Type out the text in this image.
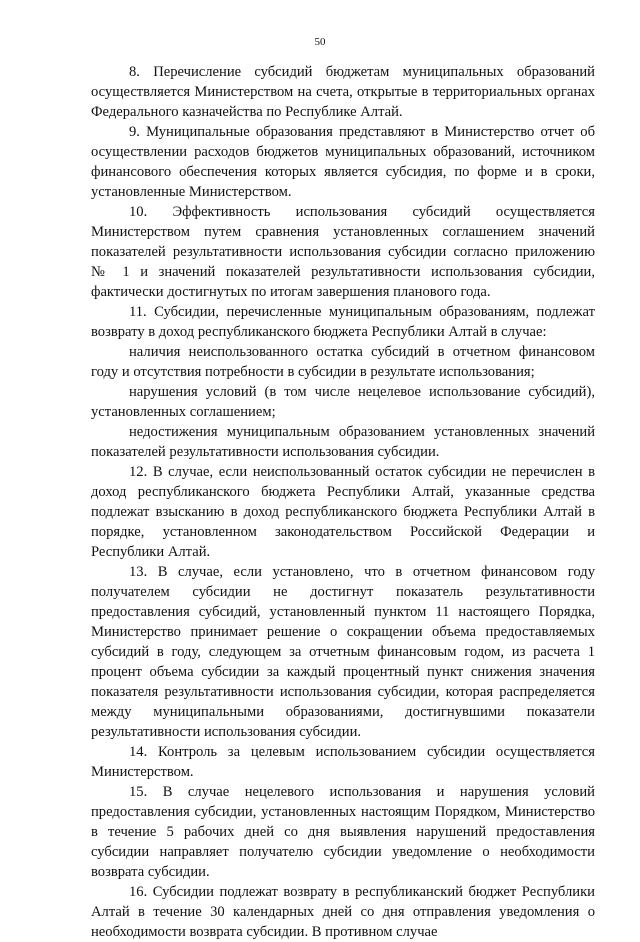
50

8. Перечисление субсидий бюджетам муниципальных образований осуществляется Министерством на счета, открытые в территориальных органах Федерального казначейства по Республике Алтай.

9. Муниципальные образования представляют в Министерство отчет об осуществлении расходов бюджетов муниципальных образований, источником финансового обеспечения которых является субсидия, по форме и в сроки, установленные Министерством.

10. Эффективность использования субсидий осуществляется Министерством путем сравнения установленных соглашением значений показателей результативности использования субсидии согласно приложению № 1 и значений показателей результативности использования субсидии, фактически достигнутых по итогам завершения планового года.

11. Субсидии, перечисленные муниципальным образованиям, подлежат возврату в доход республиканского бюджета Республики Алтай в случае:

наличия неиспользованного остатка субсидий в отчетном финансовом году и отсутствия потребности в субсидии в результате использования;

нарушения условий (в том числе нецелевое использование субсидий), установленных соглашением;

недостижения муниципальным образованием установленных значений показателей результативности использования субсидии.

12. В случае, если неиспользованный остаток субсидии не перечислен в доход республиканского бюджета Республики Алтай, указанные средства подлежат взысканию в доход республиканского бюджета Республики Алтай в порядке, установленном законодательством Российской Федерации и Республики Алтай.

13. В случае, если установлено, что в отчетном финансовом году получателем субсидии не достигнут показатель результативности предоставления субсидий, установленный пунктом 11 настоящего Порядка, Министерство принимает решение о сокращении объема предоставляемых субсидий в году, следующем за отчетным финансовым годом, из расчета 1 процент объема субсидии за каждый процентный пункт снижения значения показателя результативности использования субсидии, которая распределяется между муниципальными образованиями, достигнувшими показатели результативности использования субсидии.

14. Контроль за целевым использованием субсидии осуществляется Министерством.

15. В случае нецелевого использования и нарушения условий предоставления субсидии, установленных настоящим Порядком, Министерство в течение 5 рабочих дней со дня выявления нарушений предоставления субсидии направляет получателю субсидии уведомление о необходимости возврата субсидии.

16. Субсидии подлежат возврату в республиканский бюджет Республики Алтай в течение 30 календарных дней со дня отправления уведомления о необходимости возврата субсидии. В противном случае
